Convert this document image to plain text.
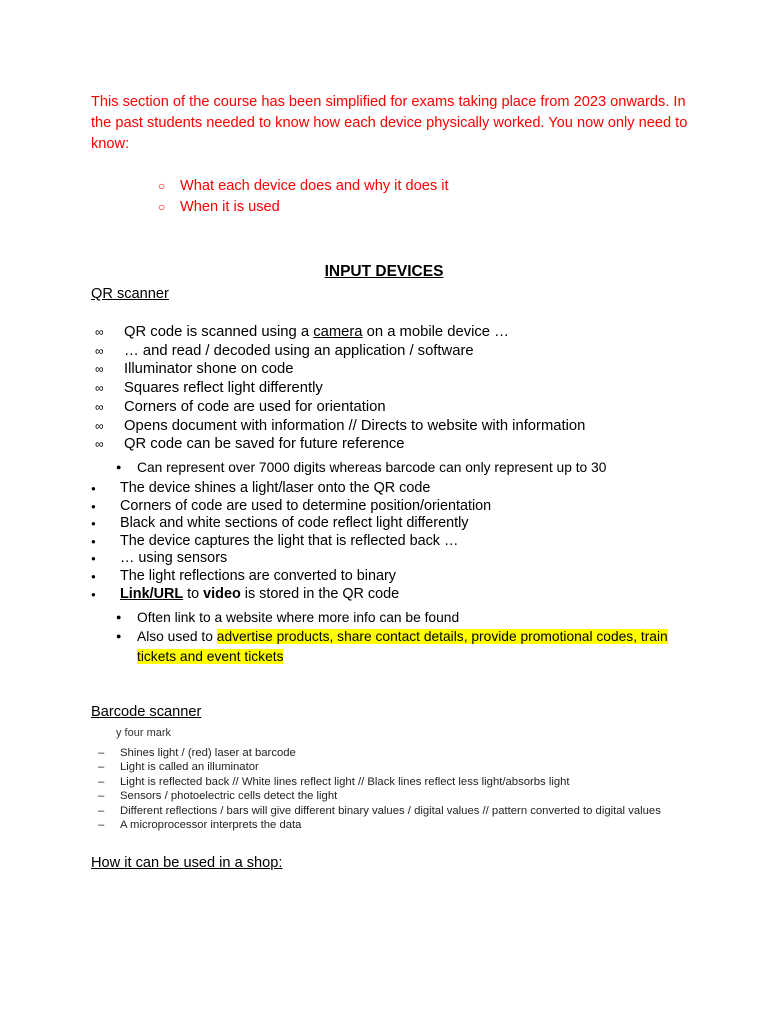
This section of the course has been simplified for exams taking place from 2023 onwards. In the past students needed to know how each device physically worked. You now only need to know:
○	What each device does and why it does it
○	When it is used
INPUT DEVICES
QR scanner
∞	QR code is scanned using a camera on a mobile device …
∞	… and read / decoded using an application / software
∞	Illuminator shone on code
∞	Squares reflect light differently
∞	Corners of code are used for orientation
∞	Opens document with information // Directs to website with information
∞	QR code can be saved for future reference
●	Can represent over 7000 digits whereas barcode can only represent up to 30
●	The device shines a light/laser onto the QR code
●	Corners of code are used to determine position/orientation
●	Black and white sections of code reflect light differently
●	The device captures the light that is reflected back …
●	… using sensors
●	The light reflections are converted to binary
●	Link/URL to video is stored in the QR code
●	Often link to a website where more info can be found
●	Also used to advertise products, share contact details, provide promotional codes, train
tickets and event tickets
Barcode scanner
y four mark
–	Shines light / (red) laser at barcode
–	Light is called an illuminator
–	Light is reflected back // White lines reflect light // Black lines reflect less light/absorbs light
–	Sensors / photoelectric cells detect the light
–	Different reflections / bars will give different binary values / digital values // pattern converted to digital values
–	A microprocessor interprets the data
How it can be used in a shop:
